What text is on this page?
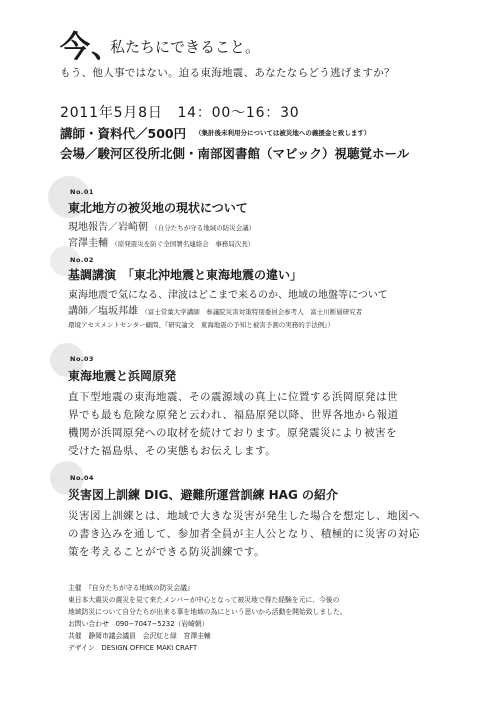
今、
私たちにできること。
もう、他人事ではない。迫る東海地震、あなたならどう逃げますか？
2011年5月8日　14：00〜16：30
講師・資料代／500円 （集計後未利用分については被災地への義援金と致します）
会場／駿河区役所北側・南部図書館（マビック）視聴覚ホール
No.01
東北地方の被災地の現状について
現地報告／岩崎朝 （自分たちが守る地域の防災会議）
宮澤圭輔 （原発震災を防ぐ全国署名連絡会　事務局次長）
No.02
基調講演　「東北沖地震と東海地震の違い」
東海地震で気になる、津波はどこまで来るのか、地域の地盤等について
講師／塩坂邦雄 （富士常葉大学講師　参議院災害対策特別委員会参考人　富士川断層研究者
環境アセスメントセンター顧問、『研究論文　東海地震の予知と被害予測の実務的手法例』）
No.03
東海地震と浜岡原発
直下型地震の東海地震、その震源域の真上に位置する浜岡原発は世
界でも最も危険な原発と云われ、福島原発以降、世界各地から報道
機関が浜岡原発への取材を続けております。原発震災により被害を
受けた福島県、その実態もお伝えします。
No.04
災害図上訓練 DIG、避難所運営訓練 HAG の紹介
災害図上訓練とは、地域で大きな災害が発生した場合を想定し、地図へ
の書き込みを通して、参加者全員が主人公となり、積極的に災害の対応
策を考えることができる防災訓練です。
主催　『自分たちが守る地域の防災会議』
東日本大震災の震災を見て来たメンバーが中心となって被災地で得た経験を元に、今後の
地域防災について自分たちが出来る事を地域の為にという思いから活動を開始致しました。
お問い合わせ　090−7047−5232（岩崎朝）
共催　静岡市議会議員　会沢紅と緑　宮澤圭輔
デザイン　DESIGN OFFICE MAKI CRAFT
